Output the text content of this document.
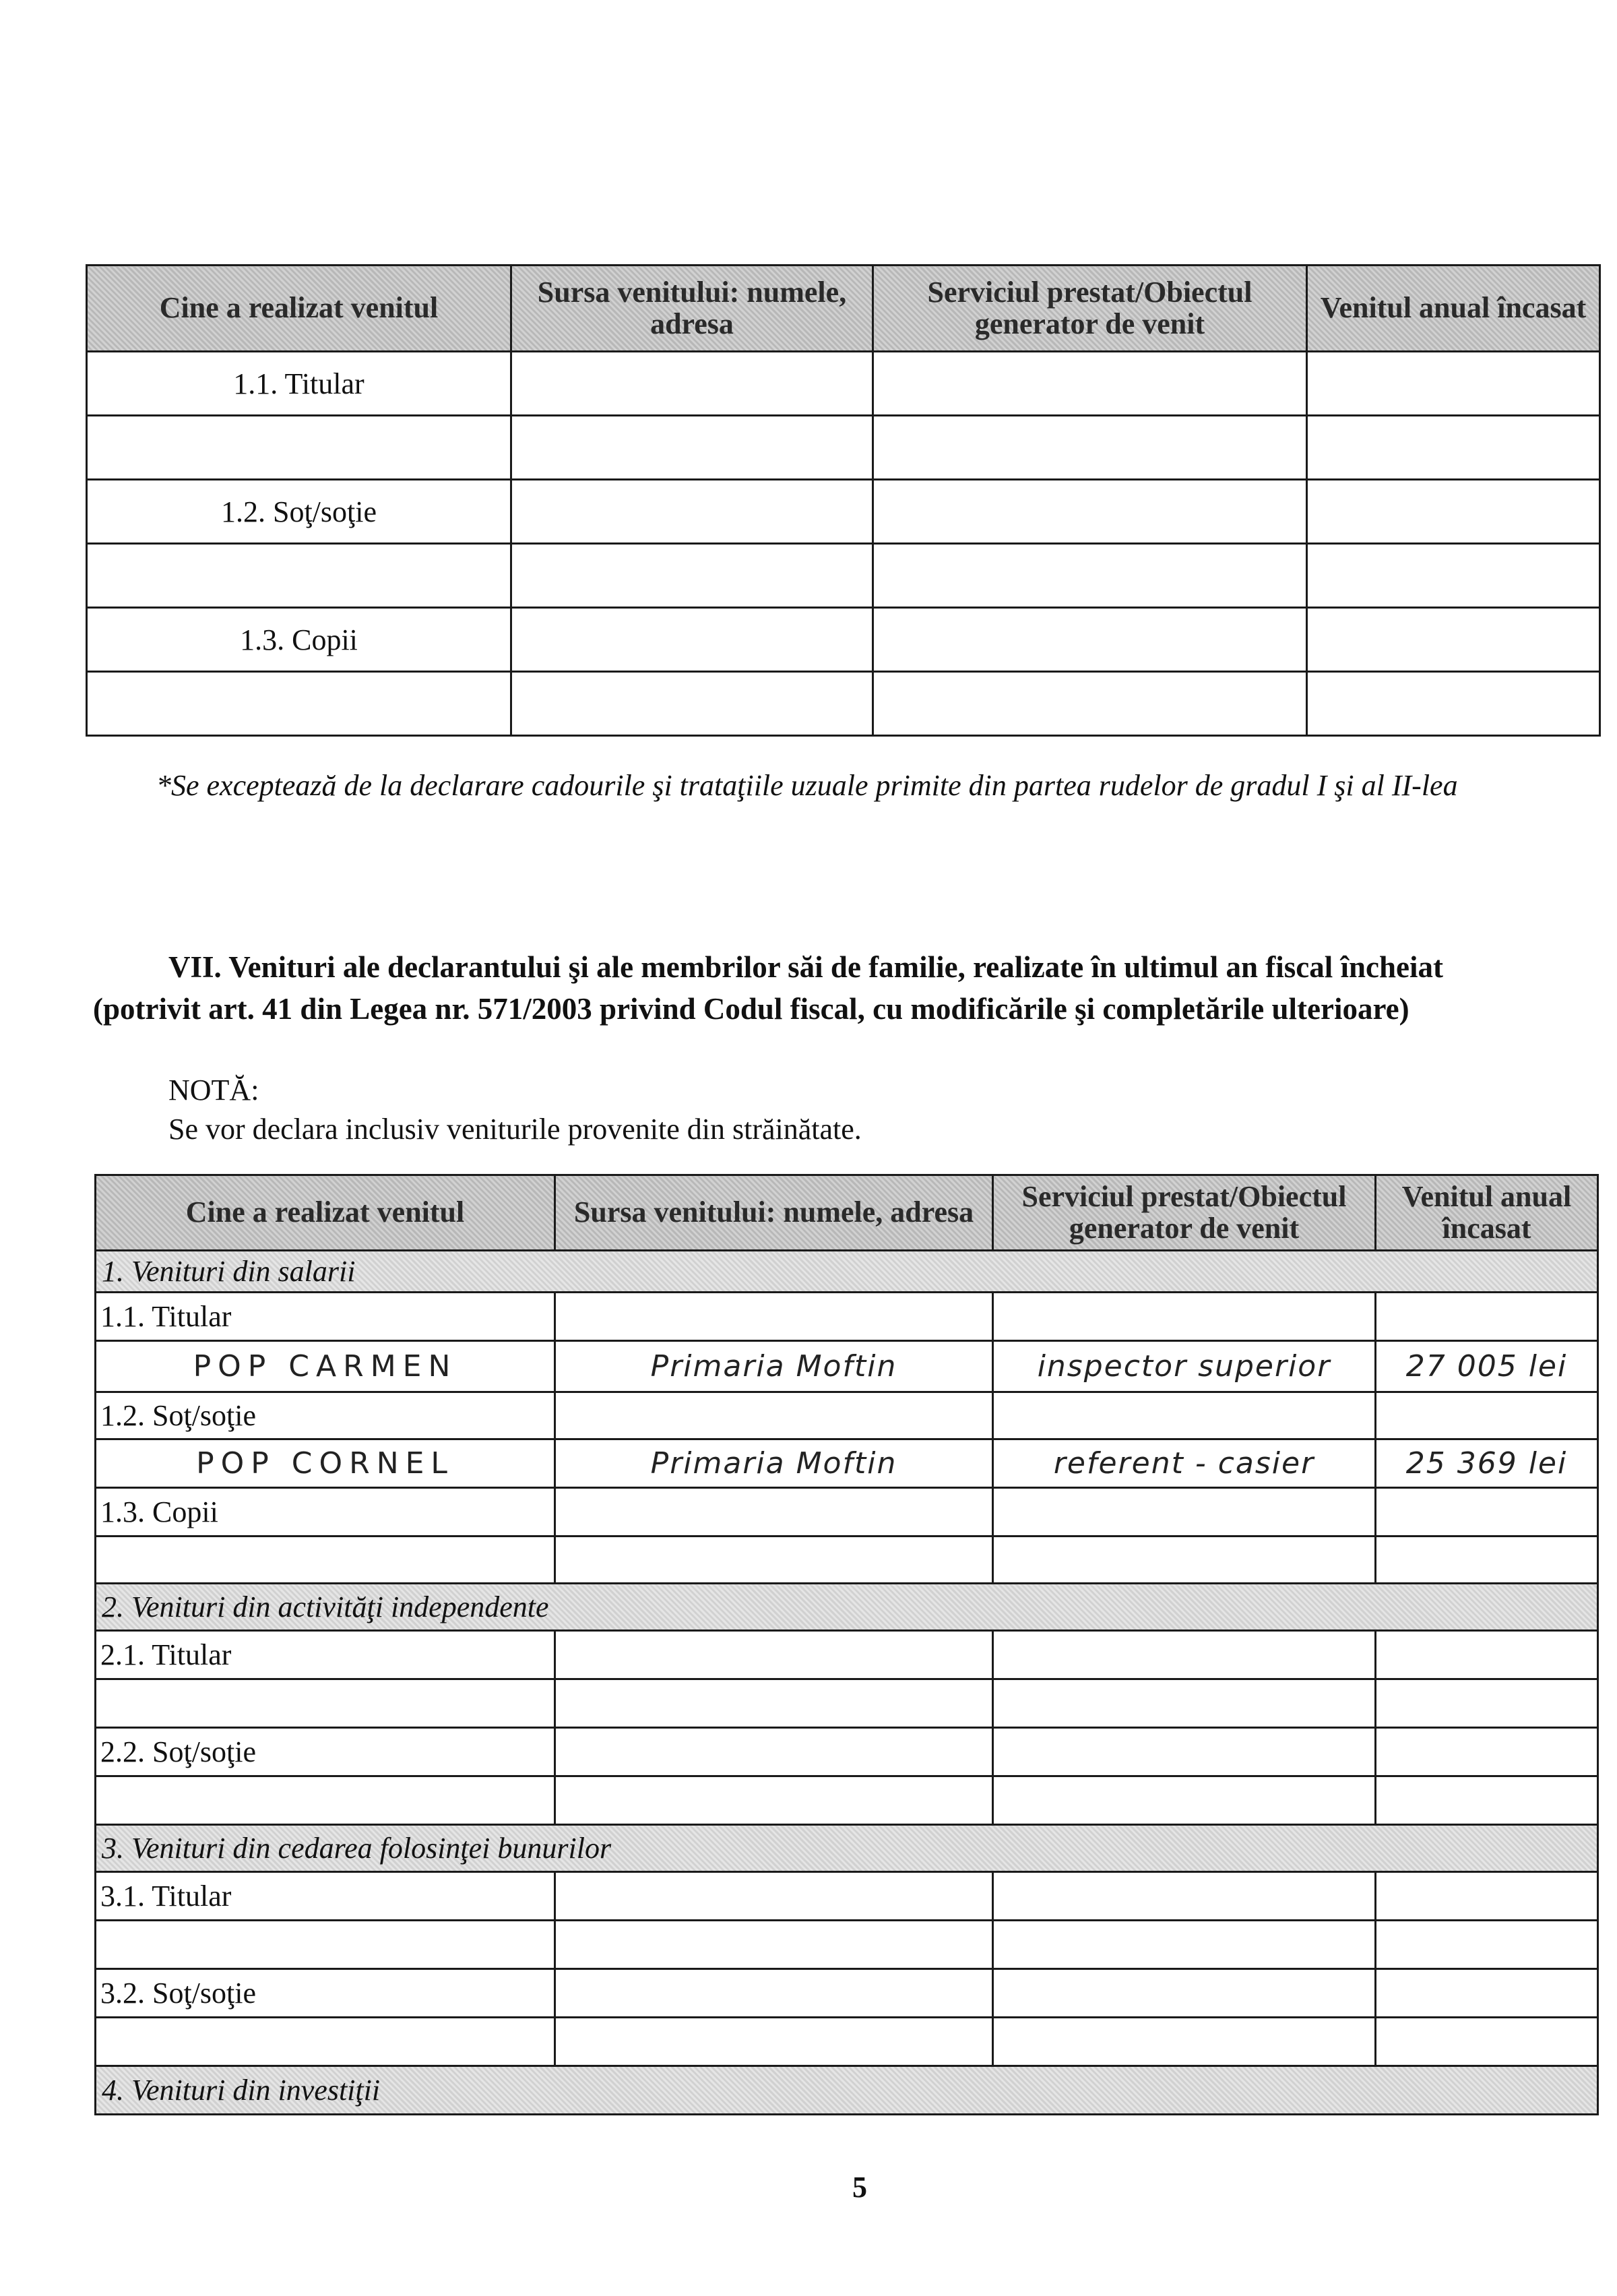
Cine a realizat venitul	Sursa venitului: numele, adresa	Serviciul prestat/Obiectul generator de venit	Venitul anual încasat
1.1. Titular			

1.2. Soţ/soţie			

1.3. Copii			

*Se exceptează de la declarare cadourile şi trataţiile uzuale primite din partea rudelor de gradul I şi al II-lea
VII. Venituri ale declarantului şi ale membrilor săi de familie, realizate în ultimul an fiscal încheiat
(potrivit art. 41 din Legea nr. 571/2003 privind Codul fiscal, cu modificările şi completările ulterioare)
NOTĂ:
Se vor declara inclusiv veniturile provenite din străinătate.
Cine a realizat venitul	Sursa venitului: numele, adresa	Serviciul prestat/Obiectul generator de venit	Venitul anual încasat
1. Venituri din salarii			
1.1. Titular			
POP CARMEN	Primaria Moftin	inspector superior	27 005 lei
1.2. Soţ/soţie			
POP CORNEL	Primaria Moftin	referent - casier	25 369 lei
1.3. Copii			

2. Venituri din activităţi independente			
2.1. Titular			

2.2. Soţ/soţie			

3. Venituri din cedarea folosinţei bunurilor			
3.1. Titular			

3.2. Soţ/soţie			

4. Venituri din investiţii			
5
